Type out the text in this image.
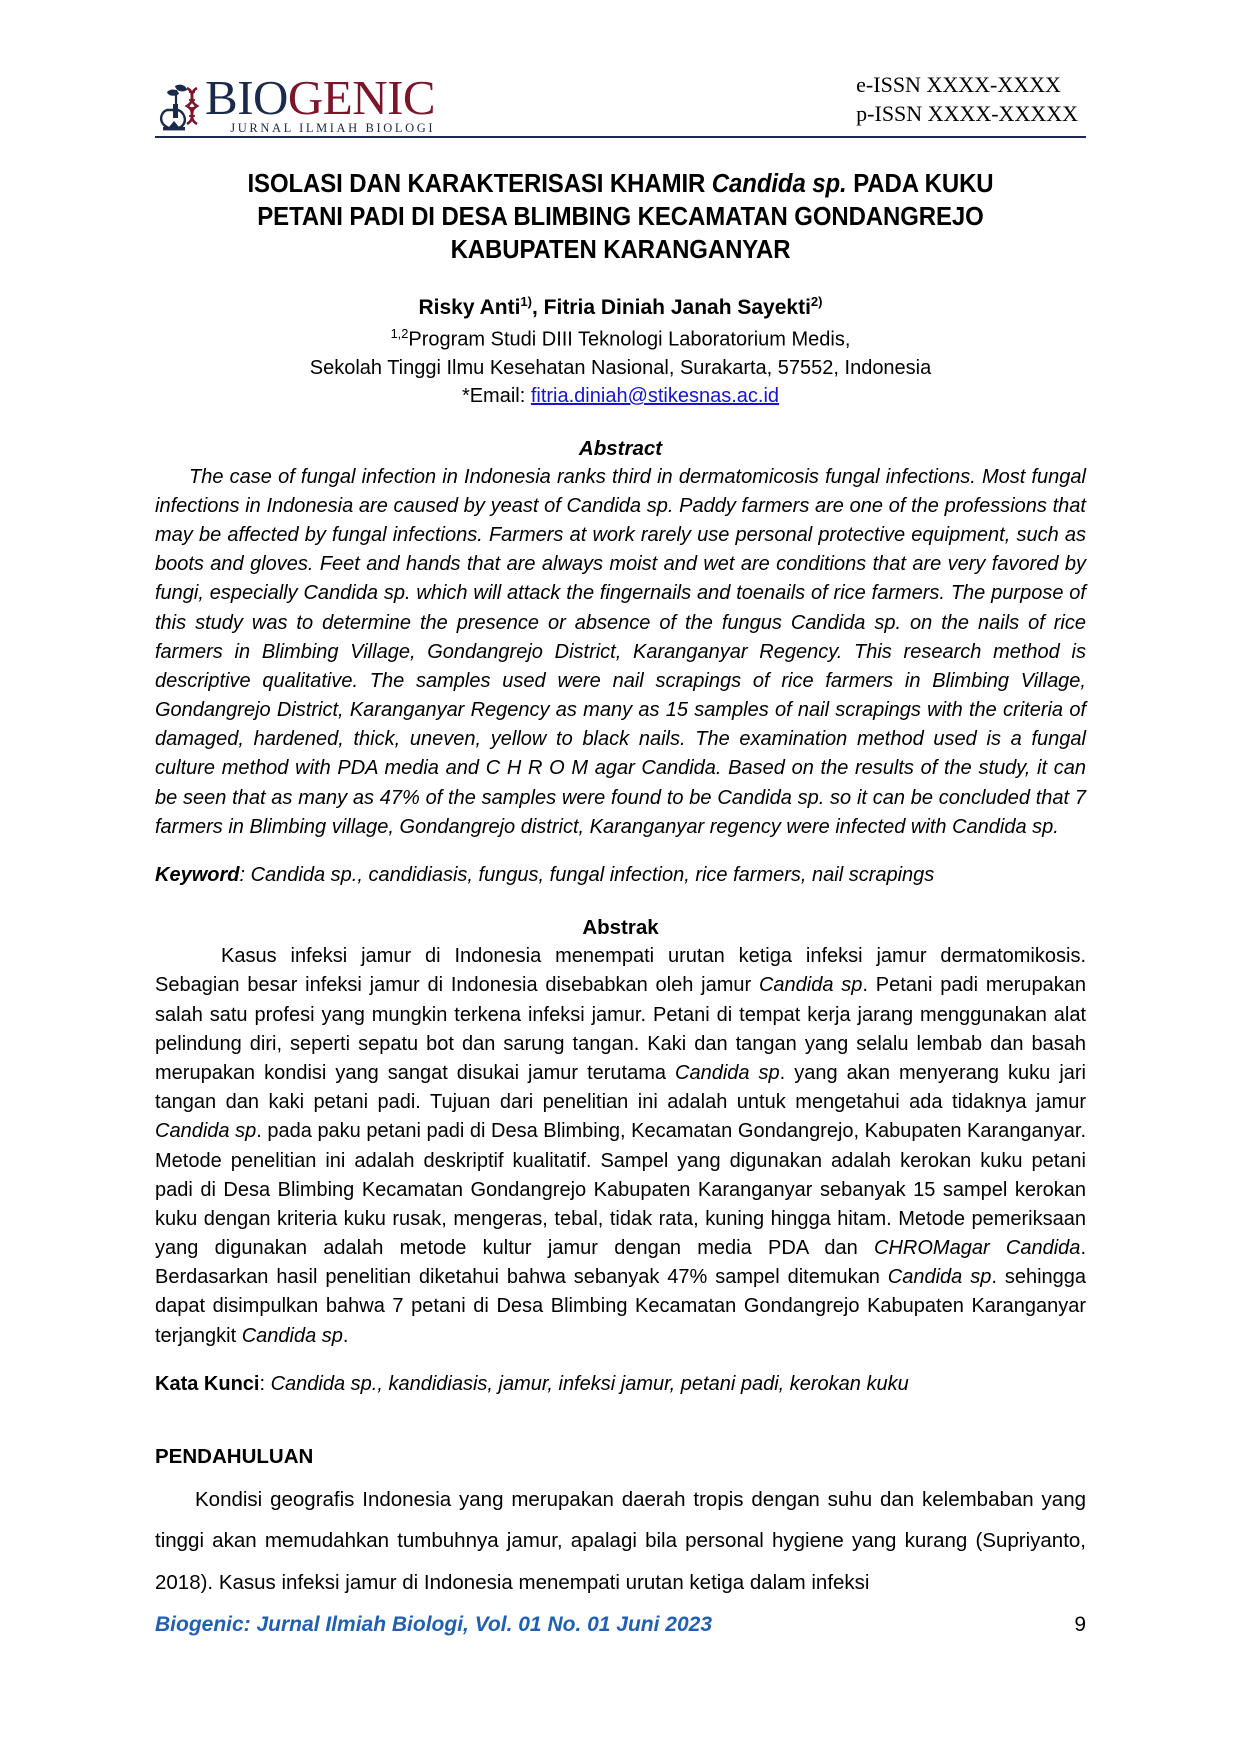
BIOGENIC
JURNAL ILMIAH BIOLOGI
e-ISSN XXXX-XXXX
p-ISSN XXXX-XXXXX
ISOLASI DAN KARAKTERISASI KHAMIR Candida sp. PADA KUKU
PETANI PADI DI DESA BLIMBING KECAMATAN GONDANGREJO
KABUPATEN KARANGANYAR
Risky Anti$^{1)}$, Fitria Diniah Janah Sayekti$^{2)}$
$^{1,2}$Program Studi DIII Teknologi Laboratorium Medis,
Sekolah Tinggi Ilmu Kesehatan Nasional, Surakarta, 57552, Indonesia
*Email: fitria.diniah@stikesnas.ac.id
Abstract

The case of fungal infection in Indonesia ranks third in dermatomicosis fungal infections. Most fungal infections in Indonesia are caused by yeast of Candida sp. Paddy farmers are one of the professions that may be affected by fungal infections. Farmers at work rarely use personal protective equipment, such as boots and gloves. Feet and hands that are always moist and wet are conditions that are very favored by fungi, especially Candida sp. which will attack the fingernails and toenails of rice farmers. The purpose of this study was to determine the presence or absence of the fungus Candida sp. on the nails of rice farmers in Blimbing Village, Gondangrejo District, Karanganyar Regency. This research method is descriptive qualitative. The samples used were nail scrapings of rice farmers in Blimbing Village, Gondangrejo District, Karanganyar Regency as many as 15 samples of nail scrapings with the criteria of damaged, hardened, thick, uneven, yellow to black nails. The examination method used is a fungal culture method with PDA media and C H R O M agar Candida. Based on the results of the study, it can be seen that as many as 47% of the samples were found to be Candida sp. so it can be concluded that 7 farmers in Blimbing village, Gondangrejo district, Karanganyar regency were infected with Candida sp.

Keyword: Candida sp., candidiasis, fungus, fungal infection, rice farmers, nail scrapings

Abstrak

Kasus infeksi jamur di Indonesia menempati urutan ketiga infeksi jamur dermatomikosis. Sebagian besar infeksi jamur di Indonesia disebabkan oleh jamur Candida sp. Petani padi merupakan salah satu profesi yang mungkin terkena infeksi jamur. Petani di tempat kerja jarang menggunakan alat pelindung diri, seperti sepatu bot dan sarung tangan. Kaki dan tangan yang selalu lembab dan basah merupakan kondisi yang sangat disukai jamur terutama Candida sp. yang akan menyerang kuku jari tangan dan kaki petani padi. Tujuan dari penelitian ini adalah untuk mengetahui ada tidaknya jamur Candida sp. pada paku petani padi di Desa Blimbing, Kecamatan Gondangrejo, Kabupaten Karanganyar. Metode penelitian ini adalah deskriptif kualitatif. Sampel yang digunakan adalah kerokan kuku petani padi di Desa Blimbing Kecamatan Gondangrejo Kabupaten Karanganyar sebanyak 15 sampel kerokan kuku dengan kriteria kuku rusak, mengeras, tebal, tidak rata, kuning hingga hitam. Metode pemeriksaan yang digunakan adalah metode kultur jamur dengan media PDA dan CHROMagar Candida. Berdasarkan hasil penelitian diketahui bahwa sebanyak 47% sampel ditemukan Candida sp. sehingga dapat disimpulkan bahwa 7 petani di Desa Blimbing Kecamatan Gondangrejo Kabupaten Karanganyar terjangkit Candida sp.

Kata Kunci: Candida sp., kandidiasis, jamur, infeksi jamur, petani padi, kerokan kuku

PENDAHULUAN

Kondisi geografis Indonesia yang merupakan daerah tropis dengan suhu dan kelembaban yang tinggi akan memudahkan tumbuhnya jamur, apalagi bila personal hygiene yang kurang (Supriyanto, 2018). Kasus infeksi jamur di Indonesia menempati urutan ketiga dalam infeksi

Biogenic: Jurnal Ilmiah Biologi, Vol. 01 No. 01 Juni 2023	9
